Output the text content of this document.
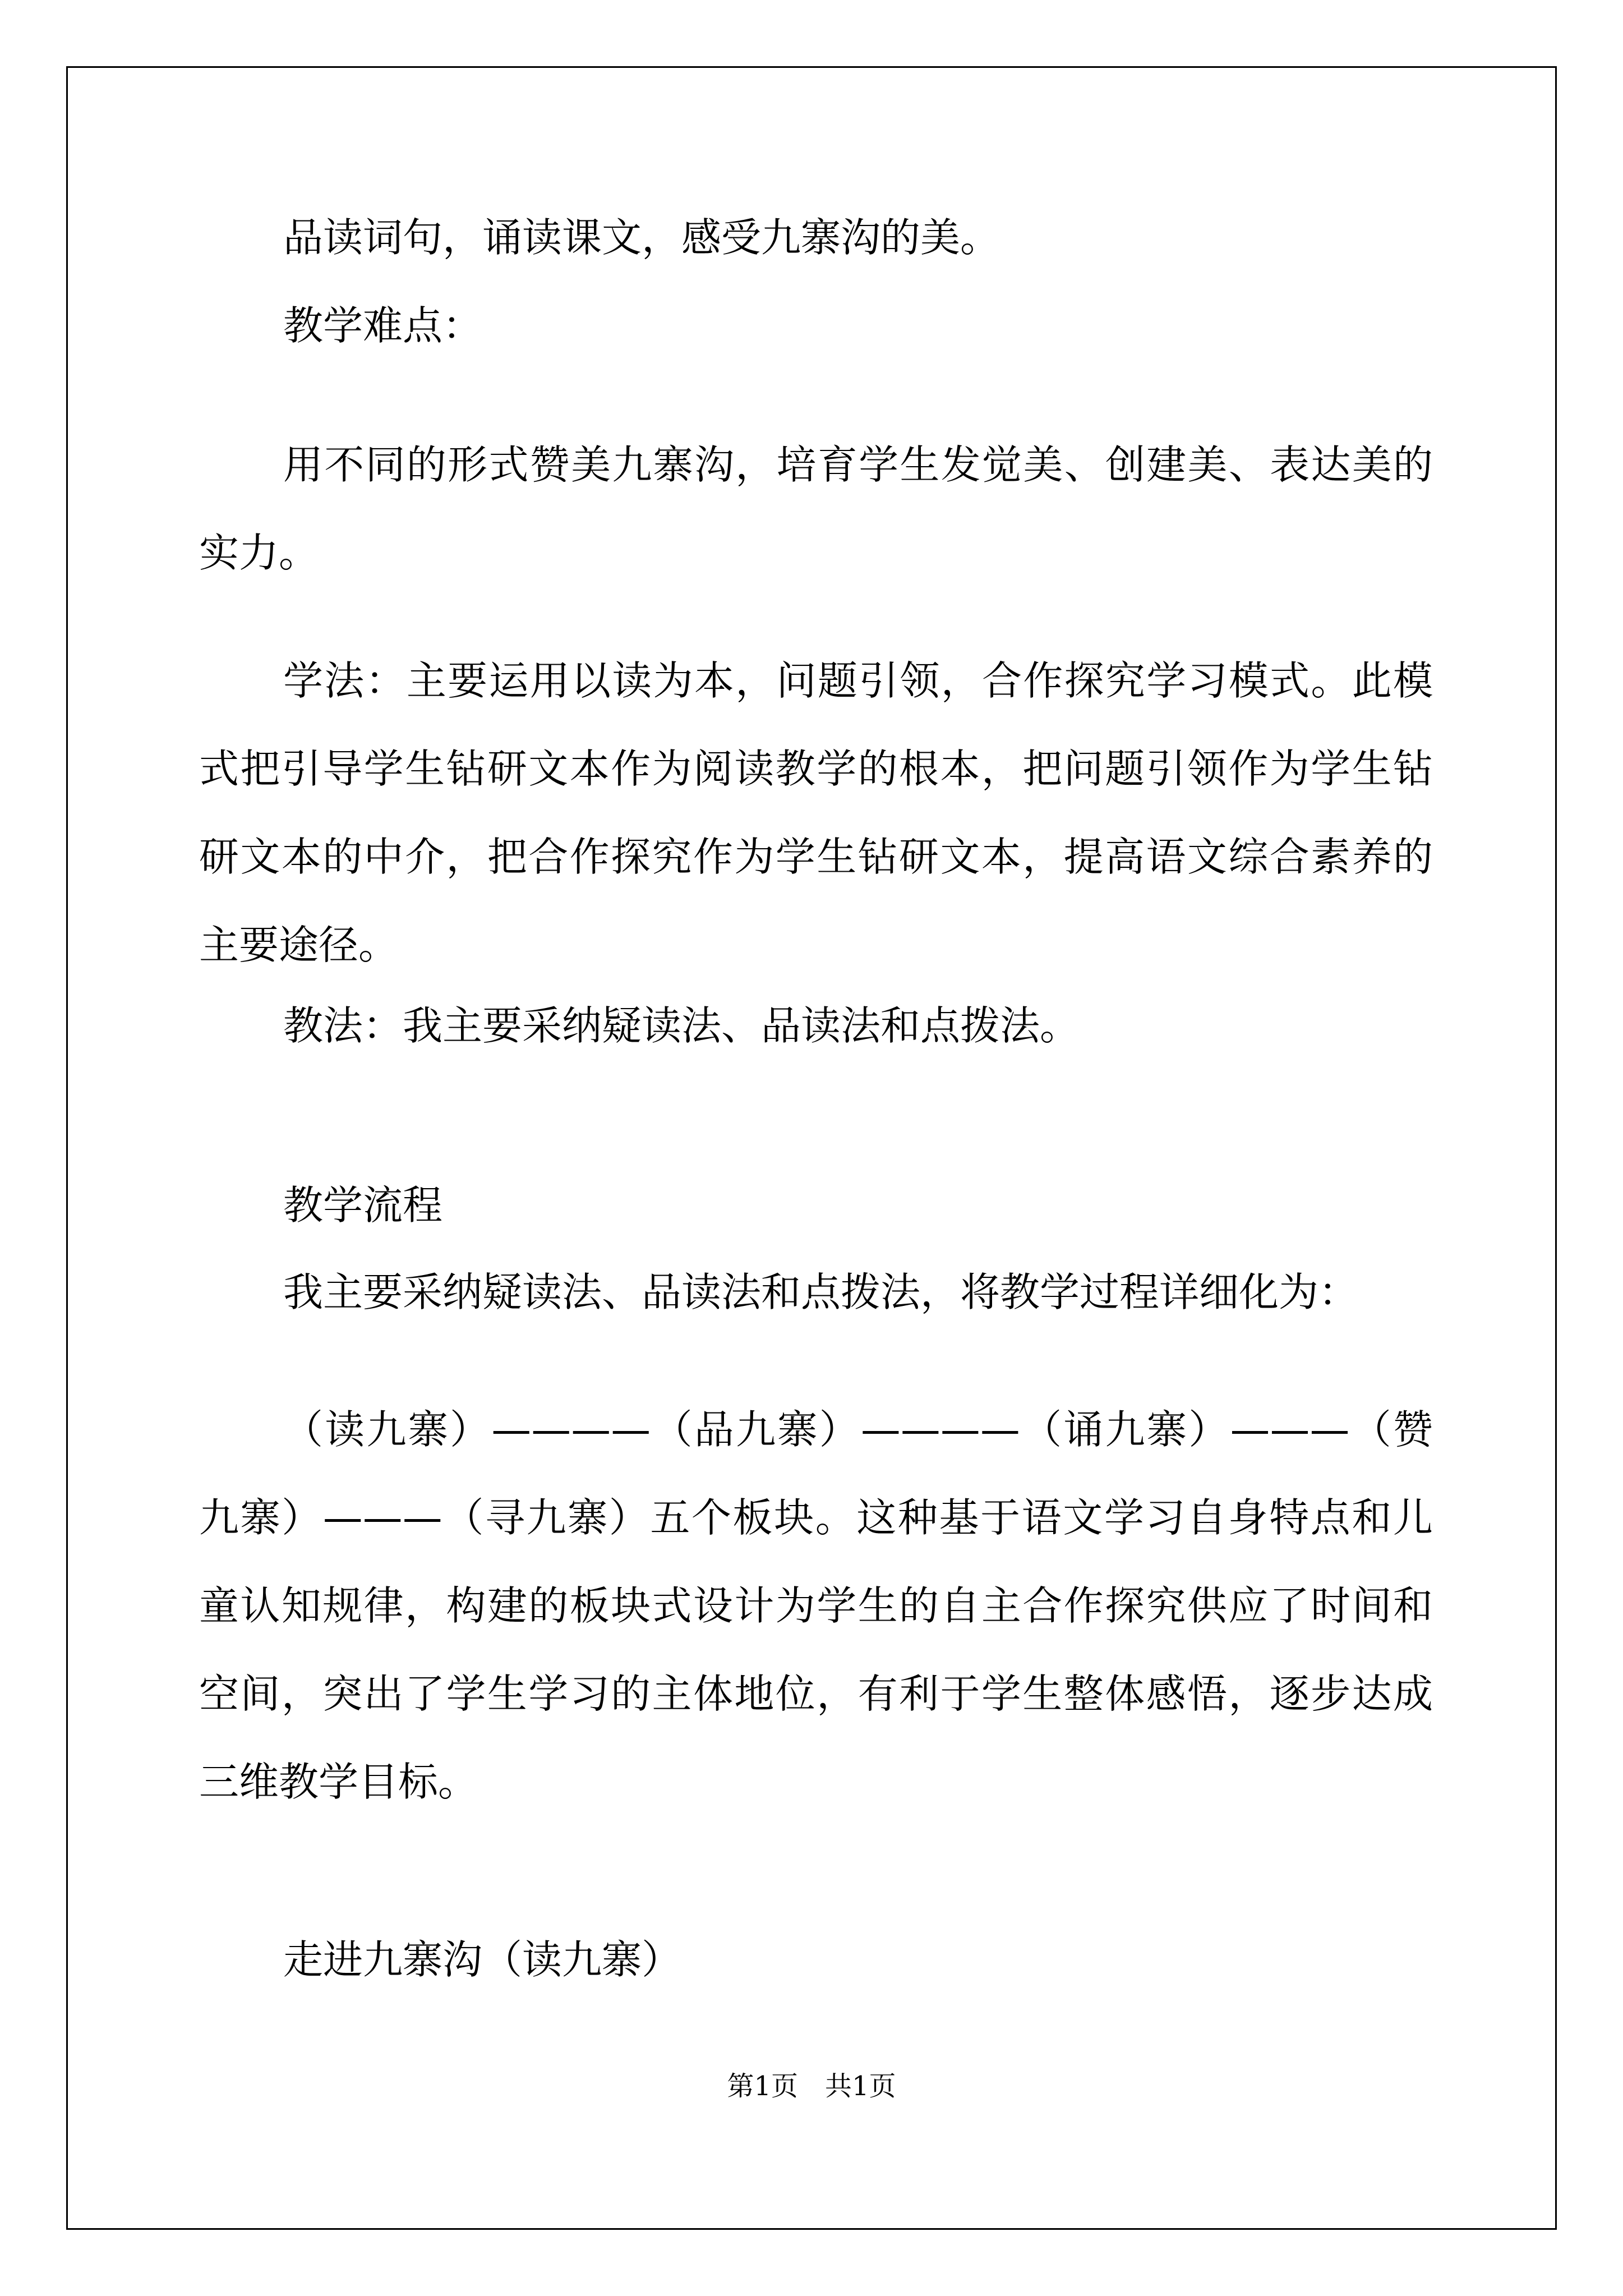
品读词句，诵读课文，感受九寨沟的美。

教学难点：

用不同的形式赞美九寨沟，培育学生发觉美、创建美、表达美的实力。

学法：主要运用以读为本，问题引领，合作探究学习模式。此模式把引导学生钻研文本作为阅读教学的根本，把问题引领作为学生钻研文本的中介，把合作探究作为学生钻研文本，提高语文综合素养的主要途径。

教法：我主要采纳疑读法、品读法和点拨法。

教学流程

我主要采纳疑读法、品读法和点拨法，将教学过程详细化为：

（读九寨）————（品九寨）————（诵九寨）———（赞九寨）———（寻九寨）五个板块。这种基于语文学习自身特点和儿童认知规律，构建的板块式设计为学生的自主合作探究供应了时间和空间，突出了学生学习的主体地位，有利于学生整体感悟，逐步达成三维教学目标。

走进九寨沟（读九寨）

第1页 共1页
